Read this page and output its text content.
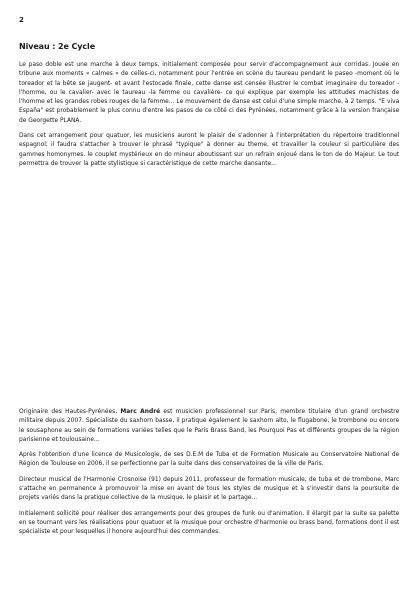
2
Niveau : 2e Cycle

Le paso doble est une marche à deux temps, initialement composée pour servir d'accompagnement aux corridas. Jouée en tribune aux moments « calmes » de celles-ci, notamment pour l'entrée en scène du taureau pendant le paseo -moment où le toreador et la bête se jaugent- et avant l'estocade finale, cette danse est censée illustrer le combat imaginaire du toreador -l'homme, ou le cavalier- avec le taureau -la femme ou cavalière- ce qui explique par exemple les attitudes machistes de l'homme et les grandes robes rouges de la femme... Le mouvement de danse est celui d'une simple marche, à 2 temps. "E viva España" est probablement le plus connu d'entre les pasos de ce côté ci des Pyrénées, notamment grâce à la version française de Georgette PLANA.

Dans cet arrangement pour quatuor, les musiciens auront le plaisir de s'adonner à l'interprétation du répertoire traditionnel espagnol; il faudra s'attacher à trouver le phrasé "typique" à donner au theme, et travailler la couleur si particulière des gammes homonymes. le couplet mystérieux en do mineur aboutissant sur un refrain enjoué dans le ton de do Majeur. Le tout permettra de trouver la patte stylistique si caractéristique de cette marche dansante...

Originaire des Hautes-Pyrénées, Marc André est musicien professionnel sur Paris, membre titulaire d'un grand orchestre militaire depuis 2007. Spécialiste du saxhorn basse, il pratique également le saxhorn alto, le flugabone, le trombone ou encore le sousaphone au sein de formations variées telles que le Paris Brass Band, les Pourquoi Pas et différents groupes de la région parisienne et toulousaine...

Après l'obtention d'une licence de Musicologie, de ses D.E.M de Tuba et de Formation Musicale au Conservatoire National de Région de Toulouse en 2006, il se perfectionne par la suite dans des conservatoires de la ville de Paris.

Directeur musical de l'Harmonie Crosnoise (91) depuis 2011, professeur de formation musicale, de tuba et de trombone, Marc s'attache en permanence à promouvoir la mise en avant de tous les styles de musique et à s'investir dans la poursuite de projets variés dans la pratique collective de la musique, le plaisir et le partage...

Initialement sollicité pour réaliser des arrangements pour des groupes de funk ou d'animation, il élargit par la suite sa palette en se tournant vers les réalisations pour quatuor et la musique pour orchestre d'harmonie ou brass band, formations dont il est spécialiste et pour lesquelles il honore aujourd'hui des commandes.
